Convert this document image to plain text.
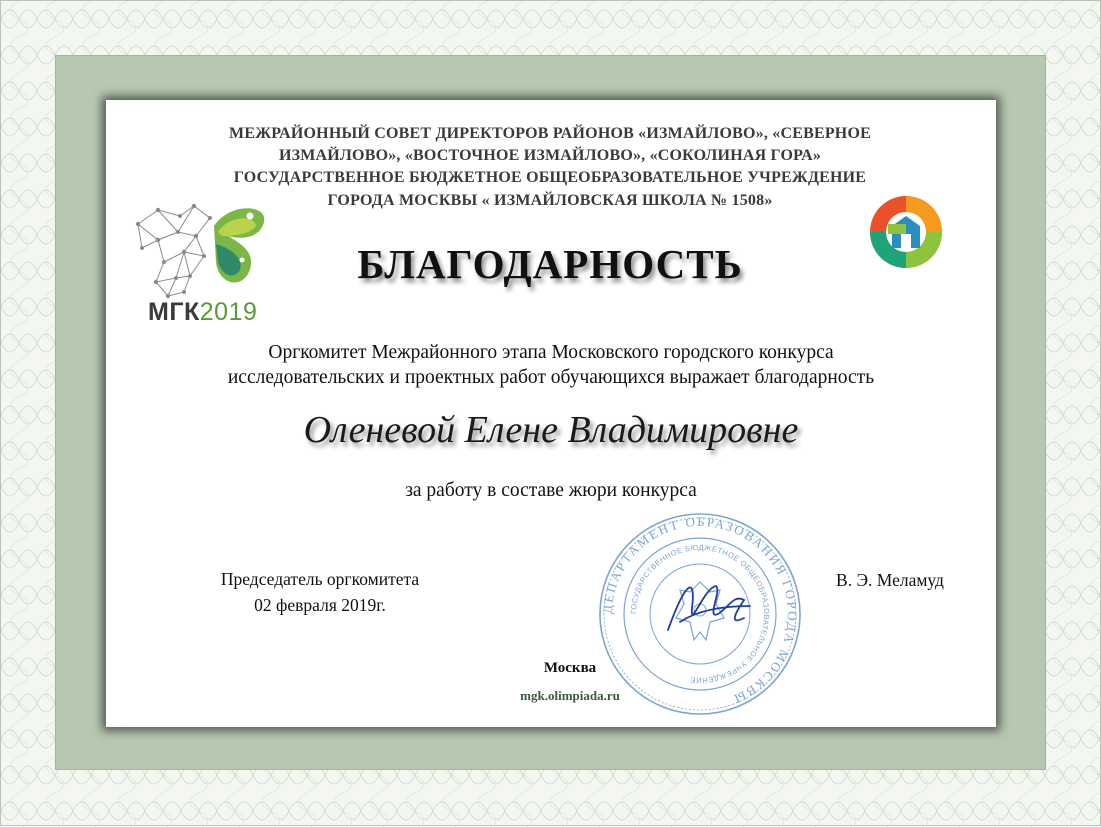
МЕЖРАЙОННЫЙ СОВЕТ ДИРЕКТОРОВ РАЙОНОВ «ИЗМАЙЛОВО», «СЕВЕРНОЕ
ИЗМАЙЛОВО», «ВОСТОЧНОЕ ИЗМАЙЛОВО», «СОКОЛИНАЯ ГОРА»
ГОСУДАРСТВЕННОЕ БЮДЖЕТНОЕ ОБЩЕОБРАЗОВАТЕЛЬНОЕ УЧРЕЖДЕНИЕ
ГОРОДА МОСКВЫ « ИЗМАЙЛОВСКАЯ ШКОЛА № 1508»
МГК2019
БЛАГОДАРНОСТЬ
Оргкомитет Межрайонного этапа Московского городского конкурса
исследовательских и проектных работ обучающихся выражает благодарность
Оленевой Елене Владимировне
за работу в составе жюри конкурса
ДЕПАРТАМЕНТ ОБРАЗОВАНИЯ ГОРОДА МОСКВЫ
ГОСУДАРСТВЕННОЕ БЮДЖЕТНОЕ ОБЩЕОБРАЗОВАТЕЛЬНОЕ УЧРЕЖДЕНИЕ
Председатель оргкомитета
02 февраля 2019г.
В. Э. Меламуд
Москва
mgk.olimpiada.ru
